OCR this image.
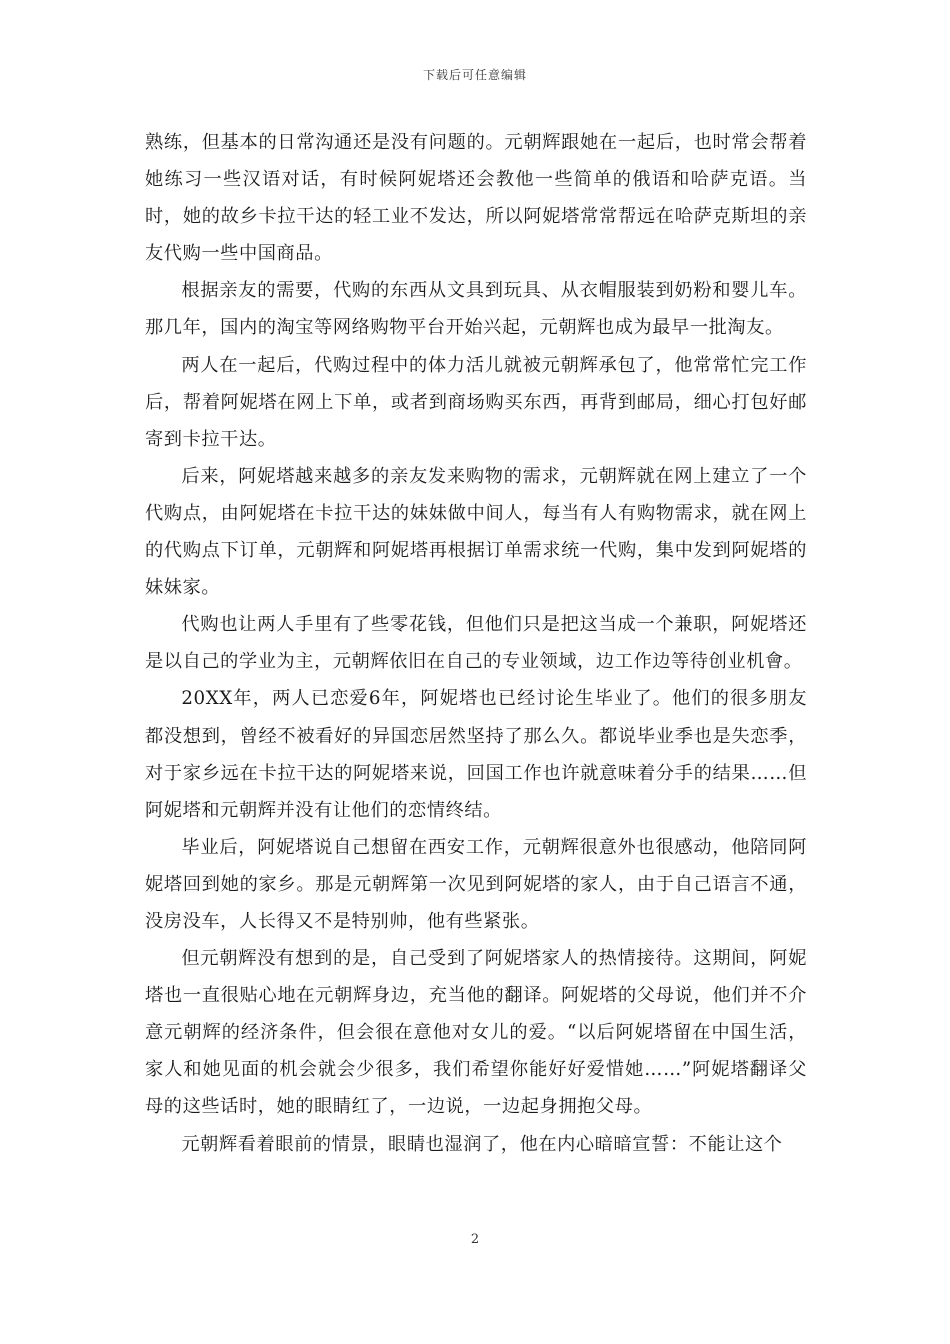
下载后可任意编辑

熟练，但基本的日常沟通还是没有问题的。元朝辉跟她在一起后，也时常会帮着她练习一些汉语对话，有时候阿妮塔还会教他一些简单的俄语和哈萨克语。当时，她的故乡卡拉干达的轻工业不发达，所以阿妮塔常常帮远在哈萨克斯坦的亲友代购一些中国商品。

根据亲友的需要，代购的东西从文具到玩具、从衣帽服装到奶粉和婴儿车。那几年，国内的淘宝等网络购物平台开始兴起，元朝辉也成为最早一批淘友。

两人在一起后，代购过程中的体力活儿就被元朝辉承包了，他常常忙完工作后，帮着阿妮塔在网上下单，或者到商场购买东西，再背到邮局，细心打包好邮寄到卡拉干达。

后来，阿妮塔越来越多的亲友发来购物的需求，元朝辉就在网上建立了一个代购点，由阿妮塔在卡拉干达的妹妹做中间人，每当有人有购物需求，就在网上的代购点下订单，元朝辉和阿妮塔再根据订单需求统一代购，集中发到阿妮塔的妹妹家。

代购也让两人手里有了些零花钱，但他们只是把这当成一个兼职，阿妮塔还是以自己的学业为主，元朝辉依旧在自己的专业领域，边工作边等待创业机會。

20XX年，两人已恋爱6年，阿妮塔也已经讨论生毕业了。他们的很多朋友都没想到，曾经不被看好的异国恋居然坚持了那么久。都说毕业季也是失恋季，对于家乡远在卡拉干达的阿妮塔来说，回国工作也许就意味着分手的结果……但阿妮塔和元朝辉并没有让他们的恋情终结。

毕业后，阿妮塔说自己想留在西安工作，元朝辉很意外也很感动，他陪同阿妮塔回到她的家乡。那是元朝辉第一次见到阿妮塔的家人，由于自己语言不通，没房没车，人长得又不是特别帅，他有些紧张。

但元朝辉没有想到的是，自己受到了阿妮塔家人的热情接待。这期间，阿妮塔也一直很贴心地在元朝辉身边，充当他的翻译。阿妮塔的父母说，他们并不介意元朝辉的经济条件，但会很在意他对女儿的爱。“以后阿妮塔留在中国生活，家人和她见面的机会就会少很多，我们希望你能好好爱惜她……”阿妮塔翻译父母的这些话时，她的眼睛红了，一边说，一边起身拥抱父母。

元朝辉看着眼前的情景，眼睛也湿润了，他在内心暗暗宣誓：不能让这个

2
